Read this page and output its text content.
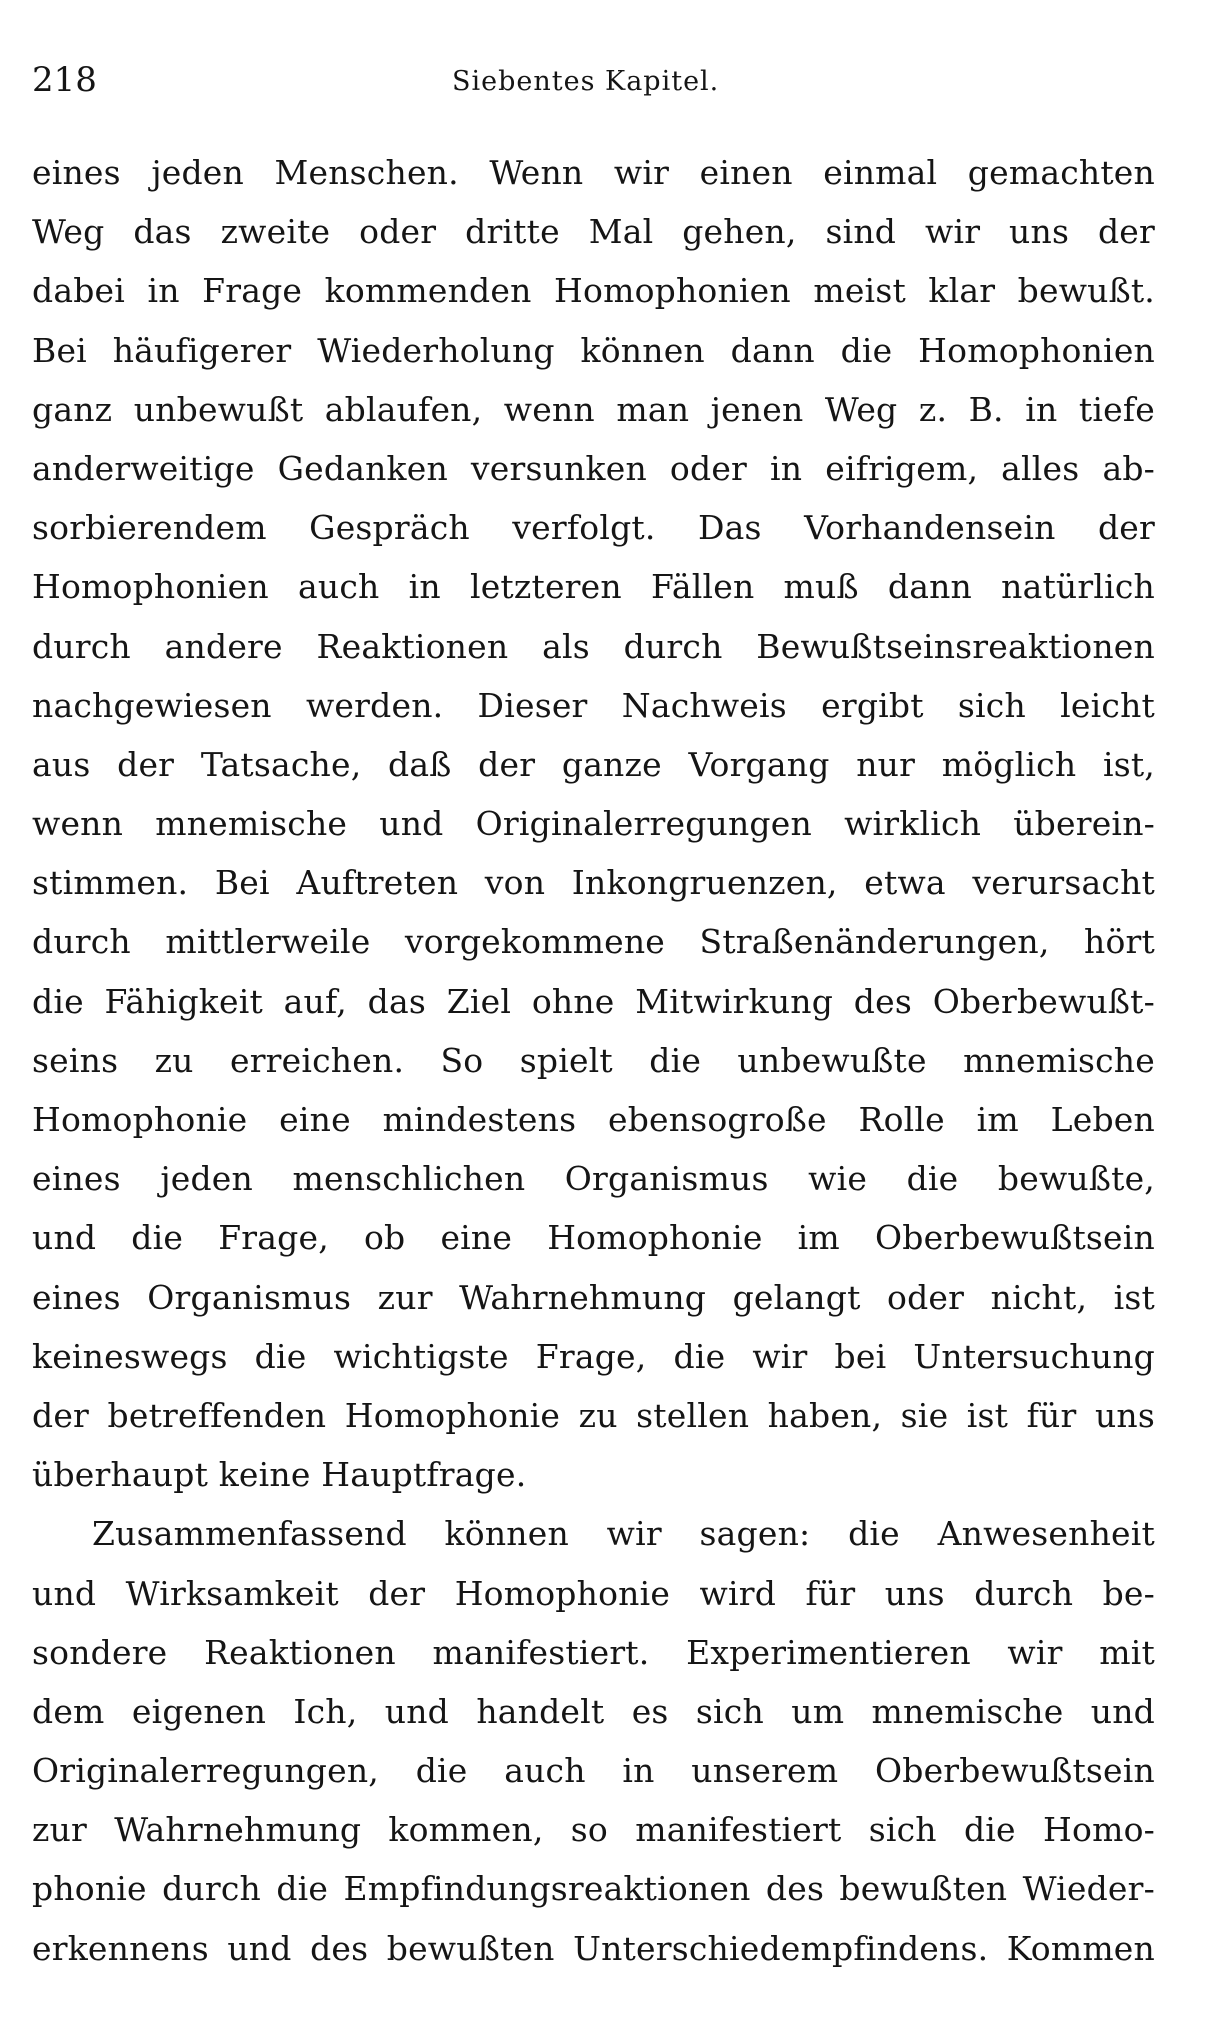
218	Siebentes Kapitel.
eines jeden Menschen. Wenn wir einen einmal gemachten
Weg das zweite oder dritte Mal gehen, sind wir uns der
dabei in Frage kommenden Homophonien meist klar bewußt.
Bei häufigerer Wiederholung können dann die Homophonien
ganz unbewußt ablaufen, wenn man jenen Weg z. B. in tiefe
anderweitige Gedanken versunken oder in eifrigem, alles ab-
sorbierendem Gespräch verfolgt. Das Vorhandensein der
Homophonien auch in letzteren Fällen muß dann natürlich
durch andere Reaktionen als durch Bewußtseinsreaktionen
nachgewiesen werden. Dieser Nachweis ergibt sich leicht
aus der Tatsache, daß der ganze Vorgang nur möglich ist,
wenn mnemische und Originalerregungen wirklich überein-
stimmen. Bei Auftreten von Inkongruenzen, etwa verursacht
durch mittlerweile vorgekommene Straßenänderungen, hört
die Fähigkeit auf, das Ziel ohne Mitwirkung des Oberbewußt-
seins zu erreichen. So spielt die unbewußte mnemische
Homophonie eine mindestens ebensogroße Rolle im Leben
eines jeden menschlichen Organismus wie die bewußte,
und die Frage, ob eine Homophonie im Oberbewußtsein
eines Organismus zur Wahrnehmung gelangt oder nicht, ist
keineswegs die wichtigste Frage, die wir bei Untersuchung
der betreffenden Homophonie zu stellen haben, sie ist für uns
überhaupt keine Hauptfrage.
Zusammenfassend können wir sagen: die Anwesenheit
und Wirksamkeit der Homophonie wird für uns durch be-
sondere Reaktionen manifestiert. Experimentieren wir mit
dem eigenen Ich, und handelt es sich um mnemische und
Originalerregungen, die auch in unserem Oberbewußtsein
zur Wahrnehmung kommen, so manifestiert sich die Homo-
phonie durch die Empfindungsreaktionen des bewußten Wieder-
erkennens und des bewußten Unterschiedempfindens. Kommen
